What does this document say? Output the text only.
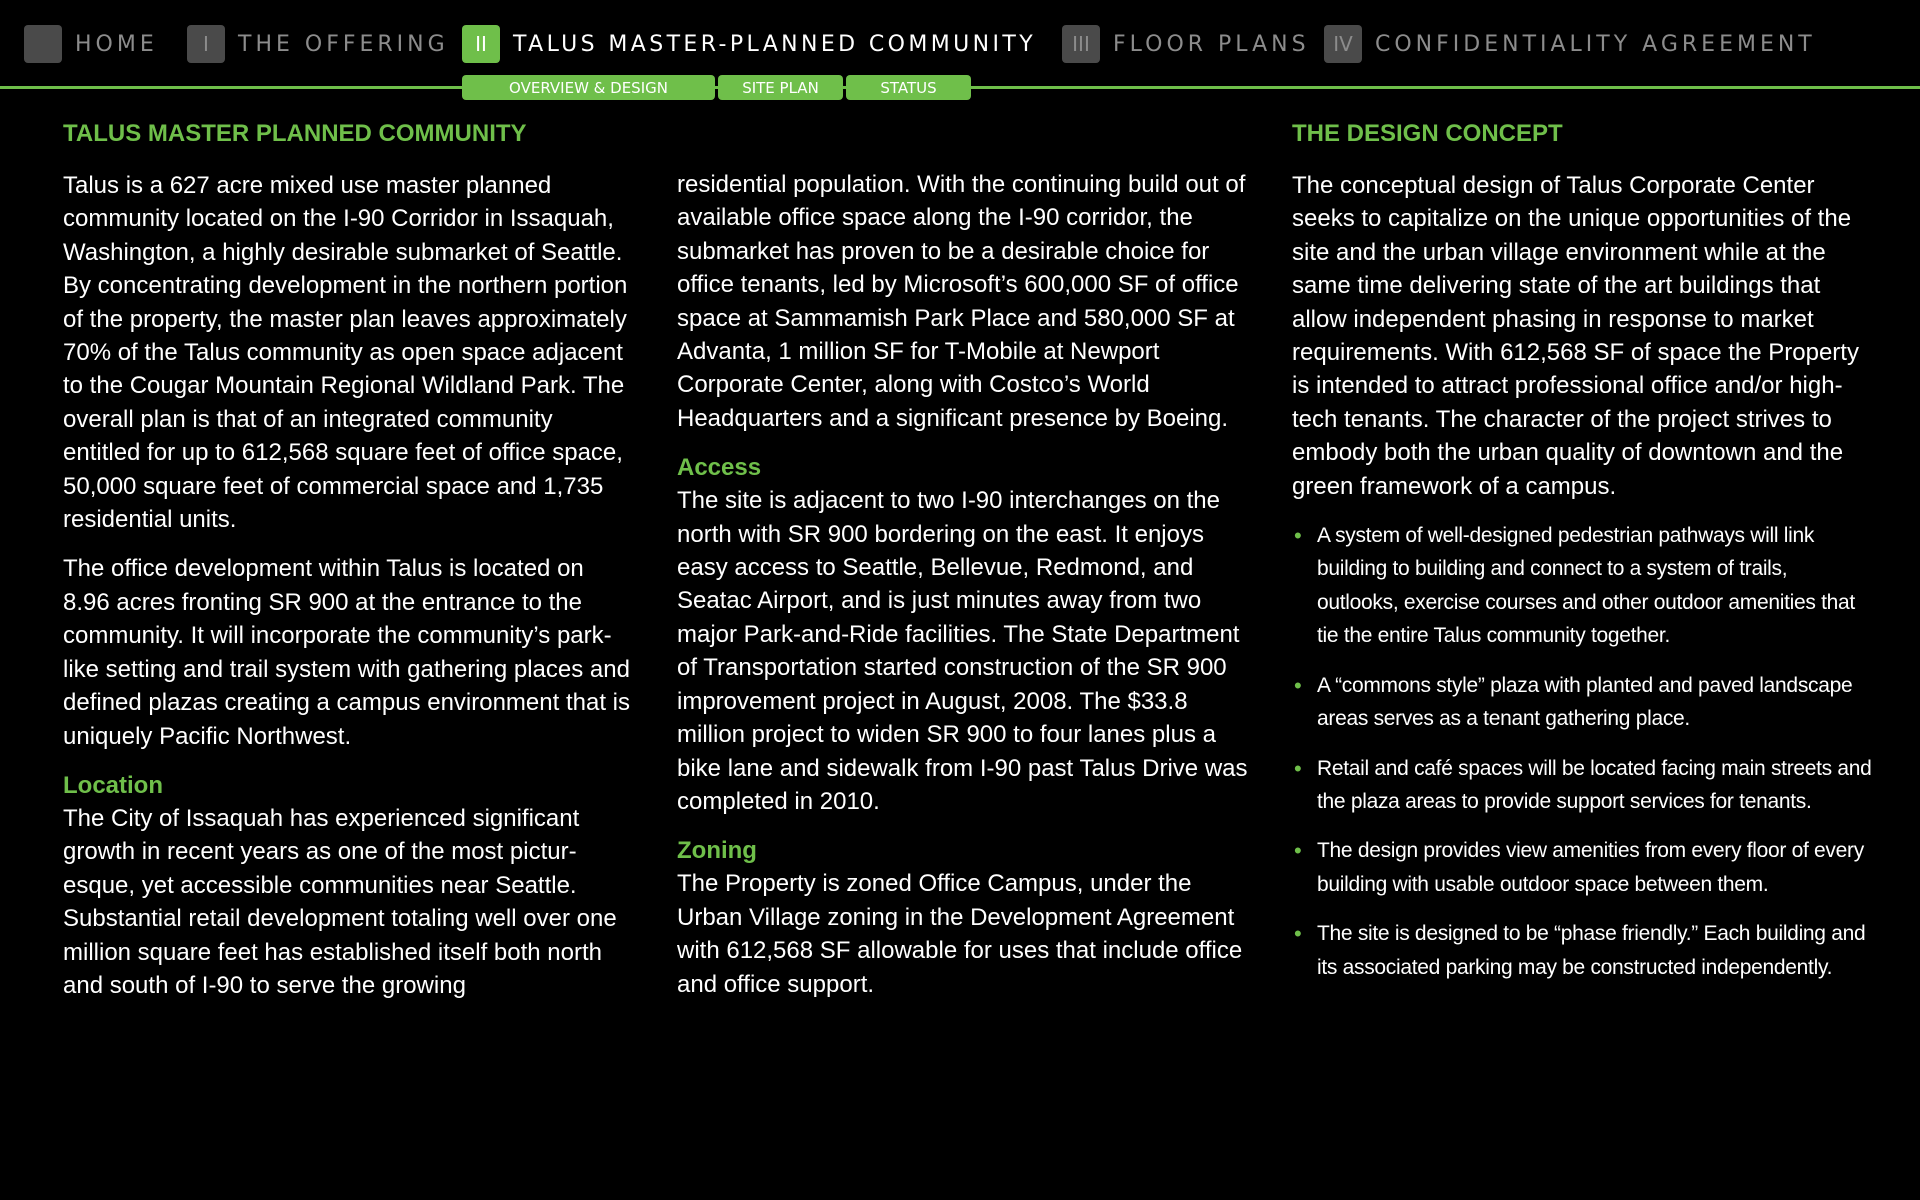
HOME	I	THE OFFERING	II	TALUS MASTER-PLANNED COMMUNITY	III	FLOOR PLANS	IV	CONFIDENTIALITY AGREEMENT
OVERVIEW & DESIGN	SITE PLAN	STATUS
TALUS MASTER PLANNED COMMUNITY

Talus is a 627 acre mixed use master planned community located on the I-90 Corridor in Issaquah, Washington, a highly desirable submarket of Seattle. By concentrating development in the northern portion of the property, the master plan leaves approximately 70% of the Talus community as open space adjacent to the Cougar Mountain Regional Wildland Park. The overall plan is that of an integrated community entitled for up to 612,568 square feet of office space, 50,000 square feet of commercial space and 1,735 residential units.

The office development within Talus is located on 8.96 acres fronting SR 900 at the entrance to the community. It will incorporate the community’s park-like setting and trail system with gathering places and defined plazas creating a campus environment that is uniquely Pacific Northwest.

Location

The City of Issaquah has experienced significant growth in recent years as one of the most picturesque, yet accessible communities near Seattle. Substantial retail development totaling well over one million square feet has established itself both north and south of I-90 to serve the growing

residential population. With the continuing build out of available office space along the I-90 corridor, the submarket has proven to be a desirable choice for office tenants, led by Microsoft’s 600,000 SF of office space at Sammamish Park Place and 580,000 SF at Advanta, 1 million SF for T-Mobile at Newport Corporate Center, along with Costco’s World Headquarters and a significant presence by Boeing.

Access

The site is adjacent to two I-90 interchanges on the north with SR 900 bordering on the east. It enjoys easy access to Seattle, Bellevue, Redmond, and Seatac Airport, and is just minutes away from two major Park-and-Ride facilities. The State Department of Transportation started construction of the SR 900 improvement project in August, 2008. The $33.8 million project to widen SR 900 to four lanes plus a bike lane and sidewalk from I-90 past Talus Drive was completed in 2010.

Zoning

The Property is zoned Office Campus, under the Urban Village zoning in the Development Agreement with 612,568 SF allowable for uses that include office and office support.

THE DESIGN CONCEPT

The conceptual design of Talus Corporate Center seeks to capitalize on the unique opportunities of the site and the urban village environment while at the same time delivering state of the art buildings that allow independent phasing in response to market requirements. With 612,568 SF of space the Property is intended to attract professional office and/or high-tech tenants. The character of the project strives to embody both the urban quality of downtown and the green framework of a campus.

• A system of well-designed pedestrian pathways will link building to building and connect to a system of trails, outlooks, exercise courses and other outdoor amenities that tie the entire Talus community together.
• A “commons style” plaza with planted and paved landscape areas serves as a tenant gathering place.
• Retail and café spaces will be located facing main streets and the plaza areas to provide support services for tenants.
• The design provides view amenities from every floor of every building with usable outdoor space between them.
• The site is designed to be “phase friendly.” Each building and its associated parking may be constructed independently.
